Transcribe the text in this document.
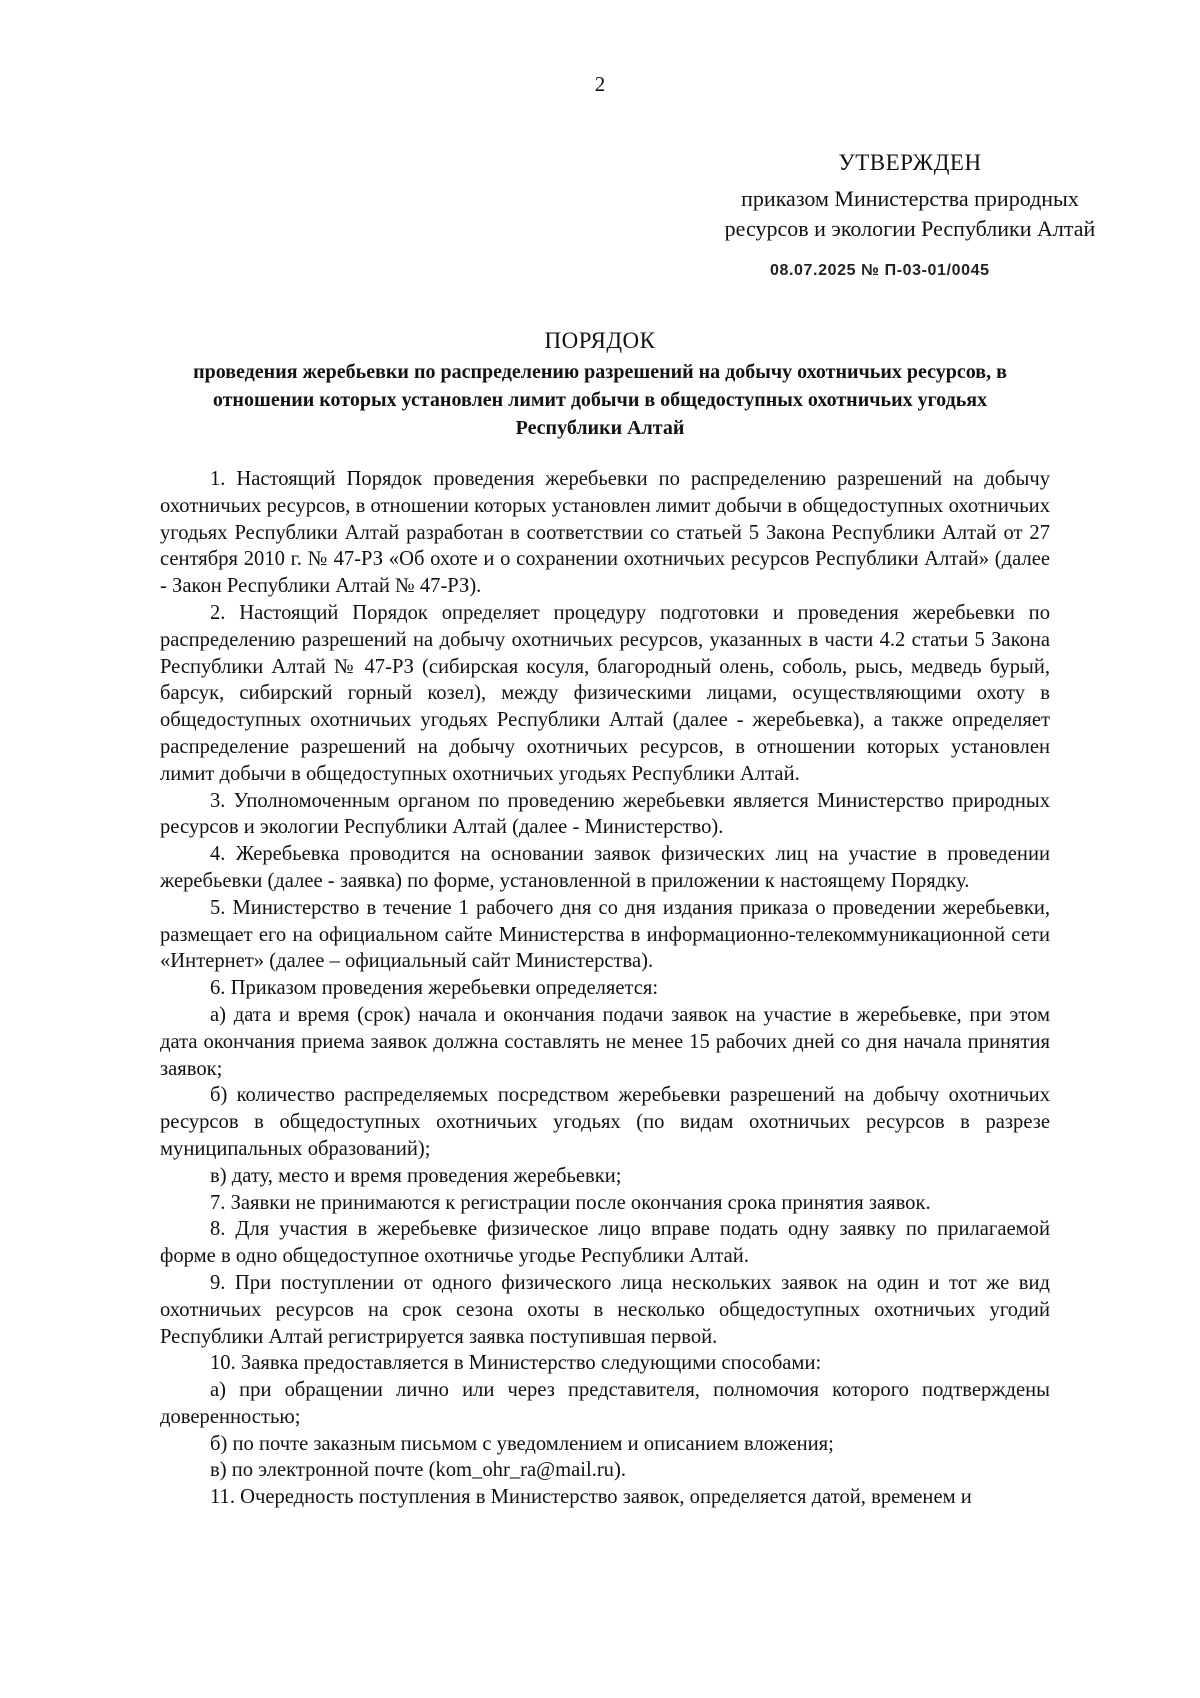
2
УТВЕРЖДЕН
приказом Министерства природных
ресурсов и экологии Республики Алтай
08.07.2025 № П-03-01/0045
ПОРЯДОК
проведения жеребьевки по распределению разрешений на добычу охотничьих ресурсов, в отношении которых установлен лимит добычи в общедоступных охотничьих угодьях Республики Алтай

1. Настоящий Порядок проведения жеребьевки по распределению разрешений на добычу охотничьих ресурсов, в отношении которых установлен лимит добычи в общедоступных охотничьих угодьях Республики Алтай разработан в соответствии со статьей 5 Закона Республики Алтай от 27 сентября 2010 г. № 47-РЗ «Об охоте и о сохранении охотничьих ресурсов Республики Алтай» (далее - Закон Республики Алтай № 47-РЗ).

2. Настоящий Порядок определяет процедуру подготовки и проведения жеребьевки по распределению разрешений на добычу охотничьих ресурсов, указанных в части 4.2 статьи 5 Закона Республики Алтай № 47-РЗ (сибирская косуля, благородный олень, соболь, рысь, медведь бурый, барсук, сибирский горный козел), между физическими лицами, осуществляющими охоту в общедоступных охотничьих угодьях Республики Алтай (далее - жеребьевка), а также определяет распределение разрешений на добычу охотничьих ресурсов, в отношении которых установлен лимит добычи в общедоступных охотничьих угодьях Республики Алтай.

3. Уполномоченным органом по проведению жеребьевки является Министерство природных ресурсов и экологии Республики Алтай (далее - Министерство).

4. Жеребьевка проводится на основании заявок физических лиц на участие в проведении жеребьевки (далее - заявка) по форме, установленной в приложении к настоящему Порядку.

5. Министерство в течение 1 рабочего дня со дня издания приказа о проведении жеребьевки, размещает его на официальном сайте Министерства в информационно-телекоммуникационной сети «Интернет» (далее – официальный сайт Министерства).

6. Приказом проведения жеребьевки определяется:

а) дата и время (срок) начала и окончания подачи заявок на участие в жеребьевке, при этом дата окончания приема заявок должна составлять не менее 15 рабочих дней со дня начала принятия заявок;

б) количество распределяемых посредством жеребьевки разрешений на добычу охотничьих ресурсов в общедоступных охотничьих угодьях (по видам охотничьих ресурсов в разрезе муниципальных образований);

в) дату, место и время проведения жеребьевки;

7. Заявки не принимаются к регистрации после окончания срока принятия заявок.

8. Для участия в жеребьевке физическое лицо вправе подать одну заявку по прилагаемой форме в одно общедоступное охотничье угодье Республики Алтай.

9. При поступлении от одного физического лица нескольких заявок на один и тот же вид охотничьих ресурсов на срок сезона охоты в несколько общедоступных охотничьих угодий Республики Алтай регистрируется заявка поступившая первой.

10. Заявка предоставляется в Министерство следующими способами:

а) при обращении лично или через представителя, полномочия которого подтверждены доверенностью;

б) по почте заказным письмом с уведомлением и описанием вложения;

в) по электронной почте (kom_ohr_ra@mail.ru).

11. Очередность поступления в Министерство заявок, определяется датой, временем и
